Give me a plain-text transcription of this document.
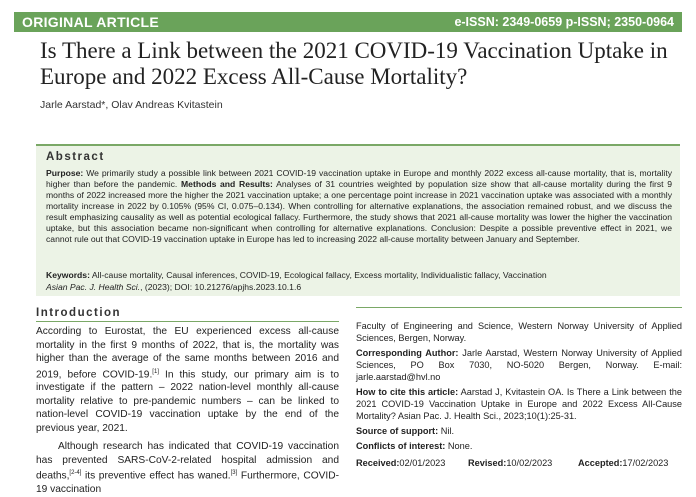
ORIGINAL ARTICLE	e-ISSN: 2349-0659 p-ISSN; 2350-0964
Is There a Link between the 2021 COVID-19 Vaccination Uptake in Europe and 2022 Excess All-Cause Mortality?
Jarle Aarstad*, Olav Andreas Kvitastein
Abstract
Purpose: We primarily study a possible link between 2021 COVID-19 vaccination uptake in Europe and monthly 2022 excess all-cause mortality, that is, mortality higher than before the pandemic. Methods and Results: Analyses of 31 countries weighted by population size show that all-cause mortality during the first 9 months of 2022 increased more the higher the 2021 vaccination uptake; a one percentage point increase in 2021 vaccination uptake was associated with a monthly mortality increase in 2022 by 0.105% (95% CI, 0.075–0.134). When controlling for alternative explanations, the association remained robust, and we discuss the result emphasizing causality as well as potential ecological fallacy. Furthermore, the study shows that 2021 all-cause mortality was lower the higher the vaccination uptake, but this association became non-significant when controlling for alternative explanations. Conclusion: Despite a possible preventive effect in 2021, we cannot rule out that COVID-19 vaccination uptake in Europe has led to increasing 2022 all-cause mortality between January and September.
Keywords: All-cause mortality, Causal inferences, COVID-19, Ecological fallacy, Excess mortality, Individualistic fallacy, Vaccination
Asian Pac. J. Health Sci., (2023); DOI: 10.21276/apjhs.2023.10.1.6
Introduction

According to Eurostat, the EU experienced excess all-cause mortality in the first 9 months of 2022, that is, the mortality was higher than the average of the same months between 2016 and 2019, before COVID-19.[1] In this study, our primary aim is to investigate if the pattern – 2022 nation-level monthly all-cause mortality relative to pre-pandemic numbers – can be linked to nation-level COVID-19 vaccination uptake by the end of the previous year, 2021.

Although research has indicated that COVID-19 vaccination has prevented SARS-CoV-2-related hospital admission and deaths,[2-4] its preventive effect has waned.[3] Furthermore, COVID-19 vaccination

Faculty of Engineering and Science, Western Norway University of Applied Sciences, Bergen, Norway.
Corresponding Author: Jarle Aarstad, Western Norway University of Applied Sciences, PO Box 7030, NO-5020 Bergen, Norway. E-mail: jarle.aarstad@hvl.no
How to cite this article: Aarstad J, Kvitastein OA. Is There a Link between the 2021 COVID-19 Vaccination Uptake in Europe and 2022 Excess All-Cause Mortality? Asian Pac. J. Health Sci., 2023;10(1):25-31.
Source of support: Nil.
Conflicts of interest: None.
Received: 02/01/2023 Revised: 10/02/2023	Accepted: 17/02/2023
